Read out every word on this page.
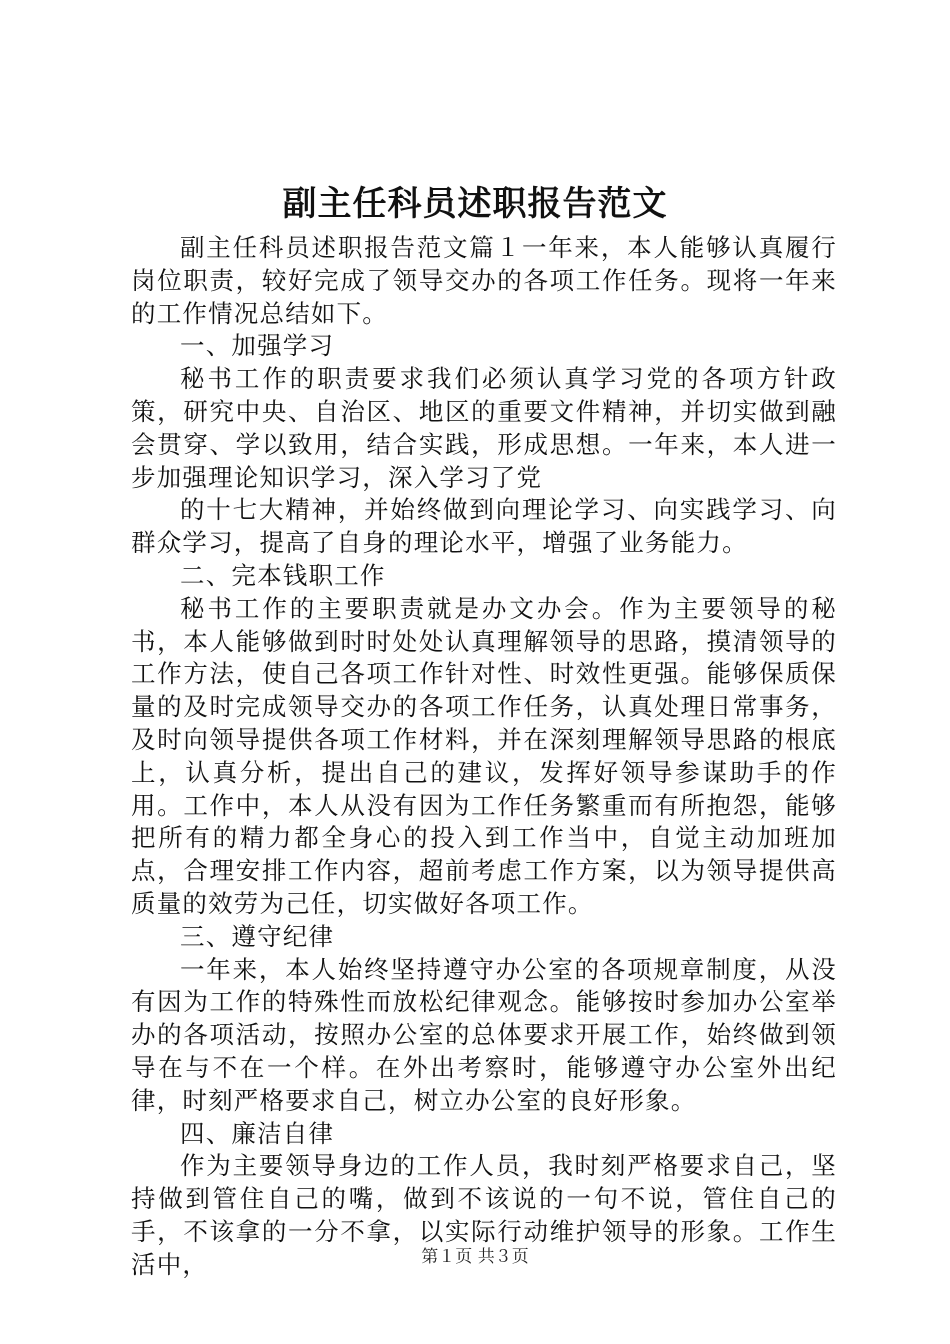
副主任科员述职报告范文

副主任科员述职报告范文篇１一年来，本人能够认真履行岗位职责，较好完成了领导交办的各项工作任务。现将一年来的工作情况总结如下。

一、加强学习

秘书工作的职责要求我们必须认真学习党的各项方针政策，研究中央、自治区、地区的重要文件精神，并切实做到融会贯穿、学以致用，结合实践，形成思想。一年来，本人进一步加强理论知识学习，深入学习了党

的十七大精神，并始终做到向理论学习、向实践学习、向群众学习，提高了自身的理论水平，增强了业务能力。

二、完本钱职工作

秘书工作的主要职责就是办文办会。作为主要领导的秘书，本人能够做到时时处处认真理解领导的思路，摸清领导的工作方法，使自己各项工作针对性、时效性更强。能够保质保量的及时完成领导交办的各项工作任务，认真处理日常事务，及时向领导提供各项工作材料，并在深刻理解领导思路的根底上，认真分析，提出自己的建议，发挥好领导参谋助手的作用。工作中，本人从没有因为工作任务繁重而有所抱怨，能够把所有的精力都全身心的投入到工作当中，自觉主动加班加点，合理安排工作内容，超前考虑工作方案，以为领导提供高质量的效劳为己任，切实做好各项工作。

三、遵守纪律

一年来，本人始终坚持遵守办公室的各项规章制度，从没有因为工作的特殊性而放松纪律观念。能够按时参加办公室举办的各项活动，按照办公室的总体要求开展工作，始终做到领导在与不在一个样。在外出考察时，能够遵守办公室外出纪律，时刻严格要求自己，树立办公室的良好形象。

四、廉洁自律

作为主要领导身边的工作人员，我时刻严格要求自己，坚持做到管住自己的嘴，做到不该说的一句不说，管住自己的手，不该拿的一分不拿，以实际行动维护领导的形象。工作生活中，	第１页 共３页
